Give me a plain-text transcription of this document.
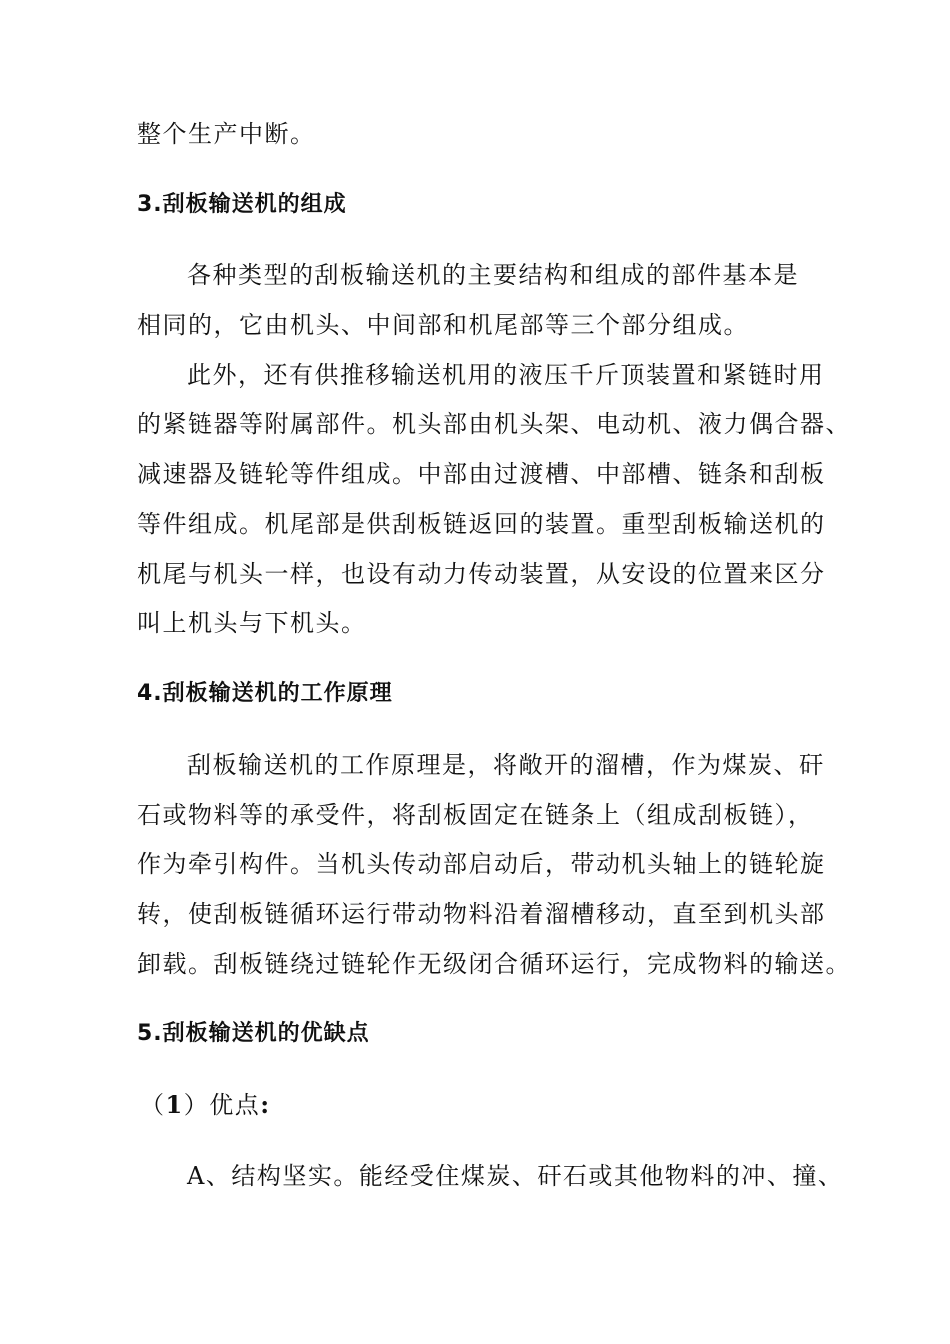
整个生产中断。
3.刮板输送机的组成
各种类型的刮板输送机的主要结构和组成的部件基本是
相同的，它由机头、中间部和机尾部等三个部分组成。
此外，还有供推移输送机用的液压千斤顶装置和紧链时用
的紧链器等附属部件。机头部由机头架、电动机、液力偶合器、
减速器及链轮等件组成。中部由过渡槽、中部槽、链条和刮板
等件组成。机尾部是供刮板链返回的装置。重型刮板输送机的
机尾与机头一样，也设有动力传动装置，从安设的位置来区分
叫上机头与下机头。
4.刮板输送机的工作原理
刮板输送机的工作原理是，将敞开的溜槽，作为煤炭、矸
石或物料等的承受件，将刮板固定在链条上（组成刮板链），
作为牵引构件。当机头传动部启动后，带动机头轴上的链轮旋
转，使刮板链循环运行带动物料沿着溜槽移动，直至到机头部
卸载。刮板链绕过链轮作无级闭合循环运行，完成物料的输送。
5.刮板输送机的优缺点
（1）优点:
A、结构坚实。能经受住煤炭、矸石或其他物料的冲、撞、
